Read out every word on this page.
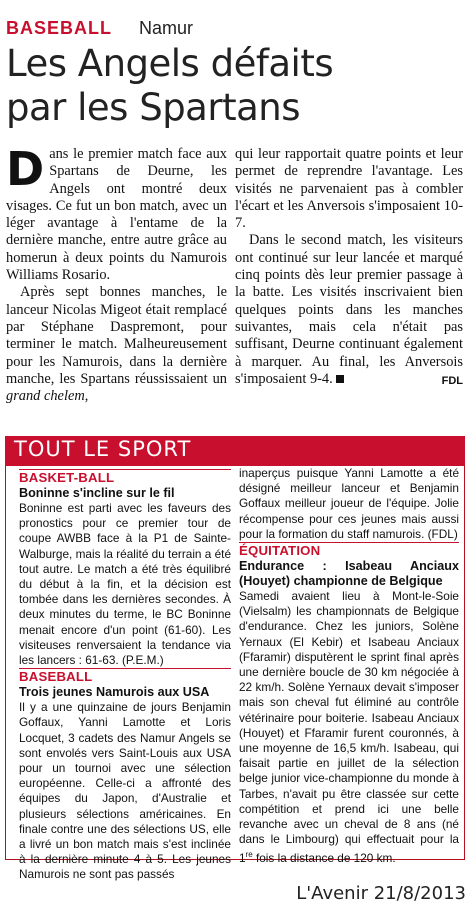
BASEBALL Namur
Les Angels défaits
par les Spartans

Dans le premier match face aux Spartans de Deurne, les Angels ont montré deux visages. Ce fut un bon match, avec un léger avantage à l'entame de la dernière manche, entre autre grâce au homerun à deux points du Namurois Williams Rosario.

Après sept bonnes manches, le lanceur Nicolas Migeot était remplacé par Stéphane Daspremont, pour terminer le match. Malheureusement pour les Namurois, dans la dernière manche, les Spartans réussissaient un grand chelem,

qui leur rapportait quatre points et leur permet de reprendre l'avantage. Les visités ne parvenaient pas à combler l'écart et les Anversois s'imposaient 10-7.

Dans le second match, les visiteurs ont continué sur leur lancée et marqué cinq points dès leur premier passage à la batte. Les visités inscrivaient bien quelques points dans les manches suivantes, mais cela n'était pas suffisant, Deurne continuant également à marquer. Au final, les Anversois s'imposaient 9-4.	FDL

TOUT LE SPORT
BASKET-BALL
Boninne s'incline sur le fil

Boninne est parti avec les faveurs des pronostics pour ce premier tour de coupe AWBB face à la P1 de Sainte-Walburge, mais la réalité du terrain a été tout autre. Le match a été très équilibré du début à la fin, et la décision est tombée dans les dernières secondes. À deux minutes du terme, le BC Boninne menait encore d'un point (61-60). Les visiteuses renversaient la tendance via les lancers : 61-63. (P.E.M.)

BASEBALL
Trois jeunes Namurois aux USA

Il y a une quinzaine de jours Benjamin Goffaux, Yanni Lamotte et Loris Locquet, 3 cadets des Namur Angels se sont envolés vers Saint-Louis aux USA pour un tournoi avec une sélection européenne. Celle-ci a affronté des équipes du Japon, d'Australie et plusieurs sélections américaines. En finale contre une des sélections US, elle a livré un bon match mais s'est inclinée à la dernière minute 4 à 5. Les jeunes Namurois ne sont pas passés

inaperçus puisque Yanni Lamotte a été désigné meilleur lanceur et Benjamin Goffaux meilleur joueur de l'équipe. Jolie récompense pour ces jeunes mais aussi pour la formation du staff namurois. (FDL)

ÉQUITATION
Endurance : Isabeau Anciaux (Houyet) championne de Belgique

Samedi avaient lieu à Mont-le-Soie (Vielsalm) les championnats de Belgique d'endurance. Chez les juniors, Solène Yernaux (El Kebir) et Isabeau Anciaux (Ffaramir) disputèrent le sprint final après une dernière boucle de 30 km négociée à 22 km/h. Solène Yernaux devait s'imposer mais son cheval fut éliminé au contrôle vétérinaire pour boiterie. Isabeau Anciaux (Houyet) et Ffaramir furent couronnés, à une moyenne de 16,5 km/h. Isabeau, qui faisait partie en juillet de la sélection belge junior vice-championne du monde à Tarbes, n'avait pu être classée sur cette compétition et prend ici une belle revanche avec un cheval de 8 ans (né dans le Limbourg) qui effectuait pour la 1re fois la distance de 120 km.

L'Avenir 21/8/2013
